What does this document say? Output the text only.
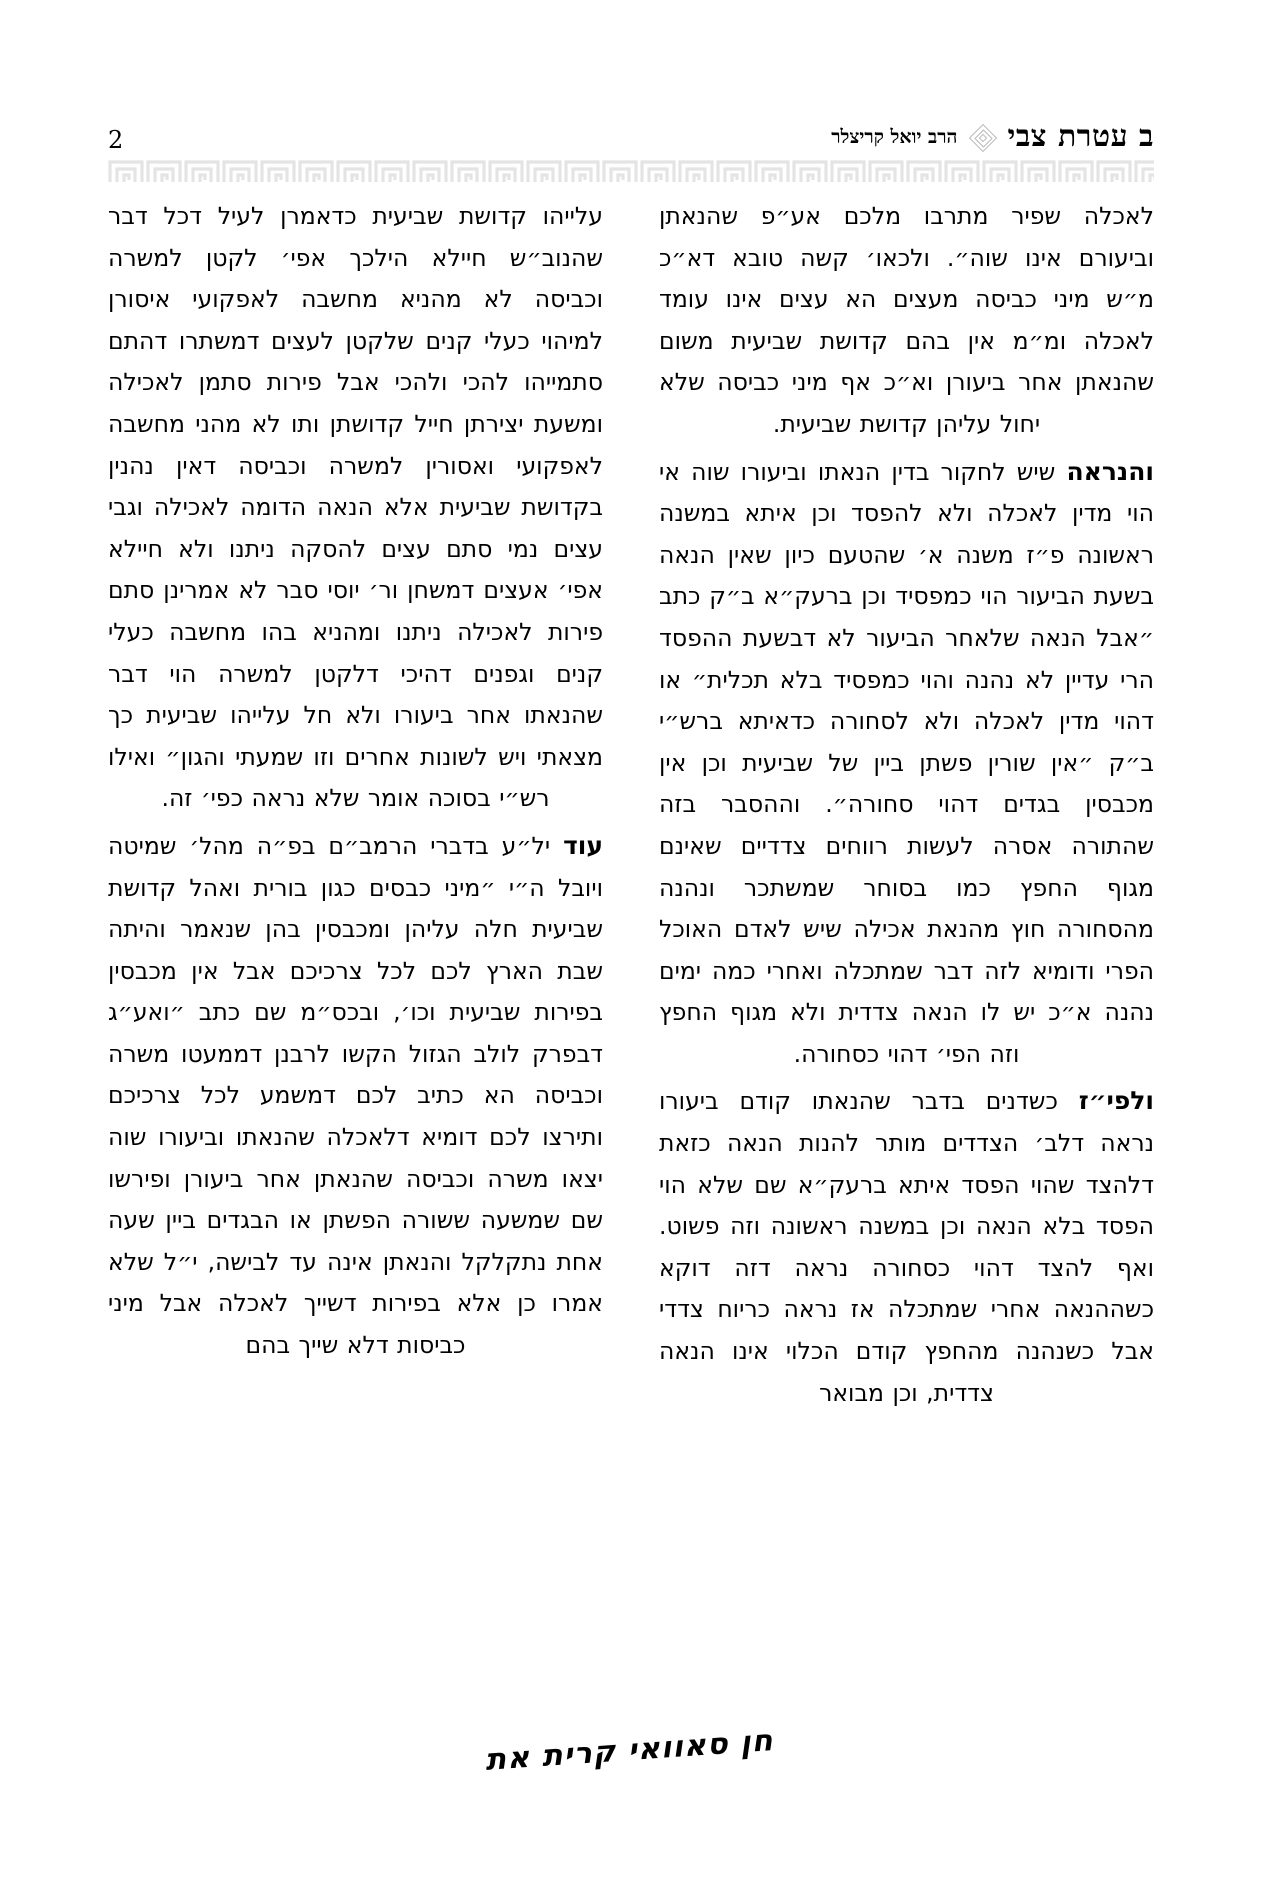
ב עטרת צבי
הרב יואל קריצלר
2

עלייהו קדושת שביעית כדאמרן לעיל דכל דבר שהנוב״ש חיילא הילכך אפי׳ לקטן למשרה וכביסה לא מהניא מחשבה לאפקועי איסורן למיהוי כעלי קנים שלקטן לעצים דמשתרו דהתם סתמייהו להכי ולהכי אבל פירות סתמן לאכילה ומשעת יצירתן חייל קדושתן ותו לא מהני מחשבה לאפקועי ואסורין למשרה וכביסה דאין נהנין בקדושת שביעית אלא הנאה הדומה לאכילה וגבי עצים נמי סתם עצים להסקה ניתנו ולא חיילא אפי׳ אעצים דמשחן ור׳ יוסי סבר לא אמרינן סתם פירות לאכילה ניתנו ומהניא בהו מחשבה כעלי קנים וגפנים דהיכי דלקטן למשרה הוי דבר שהנאתו אחר ביעורו ולא חל עלייהו שביעית כך מצאתי ויש לשונות אחרים וזו שמעתי והגון״ ואילו רש״י בסוכה אומר שלא נראה כפי׳ זה.

עוד יל״ע בדברי הרמב״ם בפ״ה מהל׳ שמיטה ויובל ה״י ״מיני כבסים כגון בורית ואהל קדושת שביעית חלה עליהן ומכבסין בהן שנאמר והיתה שבת הארץ לכם לכל צרכיכם אבל אין מכבסין בפירות שביעית וכו׳, ובכס״מ שם כתב ״ואע״ג דבפרק לולב הגזול הקשו לרבנן דממעטו משרה וכביסה הא כתיב לכם דמשמע לכל צרכיכם ותירצו לכם דומיא דלאכלה שהנאתו וביעורו שוה יצאו משרה וכביסה שהנאתן אחר ביעורן ופירשו שם שמשעה ששורה הפשתן או הבגדים ביין שעה אחת נתקלקל והנאתן אינה עד לבישה, י״ל שלא אמרו כן אלא בפירות דשייך לאכלה אבל מיני כביסות דלא שייך בהם

לאכלה שפיר מתרבו מלכם אע״פ שהנאתן וביעורם אינו שוה״. ולכאו׳ קשה טובא דא״כ מ״ש מיני כביסה מעצים הא עצים אינו עומד לאכלה ומ״מ אין בהם קדושת שביעית משום שהנאתן אחר ביעורן וא״כ אף מיני כביסה שלא יחול עליהן קדושת שביעית.

והנראה שיש לחקור בדין הנאתו וביעורו שוה אי הוי מדין לאכלה ולא להפסד וכן איתא במשנה ראשונה פ״ז משנה א׳ שהטעם כיון שאין הנאה בשעת הביעור הוי כמפסיד וכן ברעק״א ב״ק כתב ״אבל הנאה שלאחר הביעור לא דבשעת ההפסד הרי עדיין לא נהנה והוי כמפסיד בלא תכלית״ או דהוי מדין לאכלה ולא לסחורה כדאיתא ברש״י ב״ק ״אין שורין פשתן ביין של שביעית וכן אין מכבסין בגדים דהוי סחורה״. וההסבר בזה שהתורה אסרה לעשות רווחים צדדיים שאינם מגוף החפץ כמו בסוחר שמשתכר ונהנה מהסחורה חוץ מהנאת אכילה שיש לאדם האוכל הפרי ודומיא לזה דבר שמתכלה ואחרי כמה ימים נהנה א״כ יש לו הנאה צדדית ולא מגוף החפץ וזה הפי׳ דהוי כסחורה.

ולפי״ז כשדנים בדבר שהנאתו קודם ביעורו נראה דלב׳ הצדדים מותר להנות הנאה כזאת דלהצד שהוי הפסד איתא ברעק״א שם שלא הוי הפסד בלא הנאה וכן במשנה ראשונה וזה פשוט. ואף להצד דהוי כסחורה נראה דזה דוקא כשההנאה אחרי שמתכלה אז נראה כריוח צדדי אבל כשנהנה מהחפץ קודם הכלוי אינו הנאה צדדית, וכן מבואר

חן סאוואי קרית את
